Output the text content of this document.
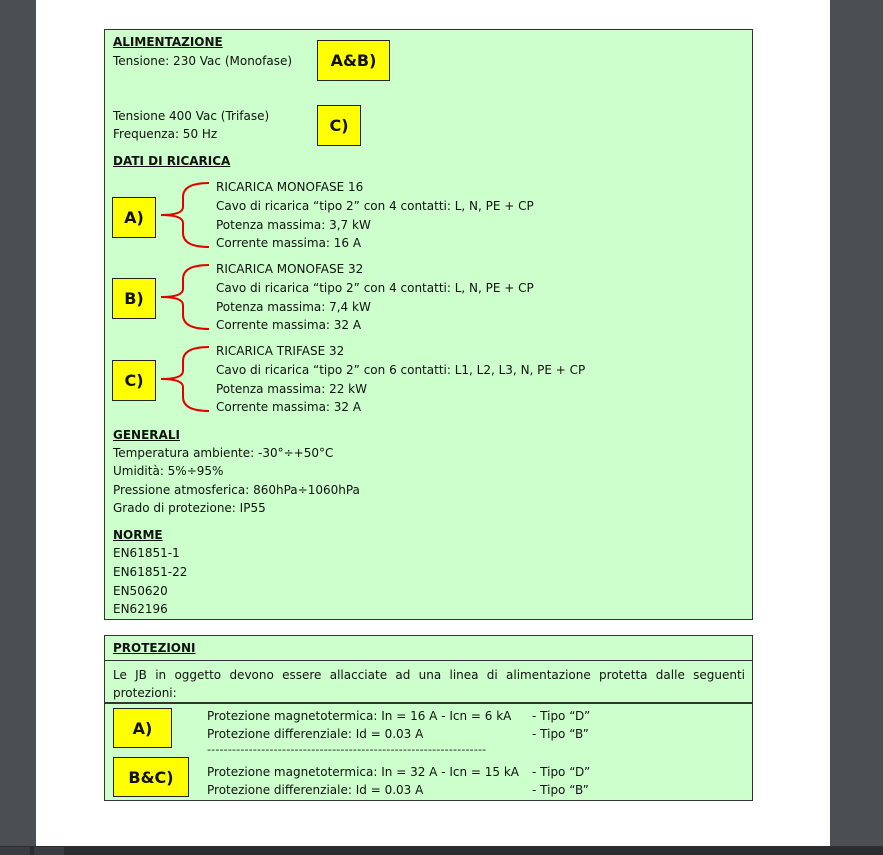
ALIMENTAZIONE
Tensione: 230 Vac (Monofase)	A&B)
Tensione 400 Vac (Trifase)
Frequenza: 50 Hz	C)
DATI DI RICARICA
A)
RICARICA MONOFASE 16
Cavo di ricarica “tipo 2” con 4 contatti: L, N, PE + CP
Potenza massima: 3,7 kW
Corrente massima: 16 A
B)
RICARICA MONOFASE 32
Cavo di ricarica “tipo 2” con 4 contatti: L, N, PE + CP
Potenza massima: 7,4 kW
Corrente massima: 32 A
C)
RICARICA TRIFASE 32
Cavo di ricarica “tipo 2” con 6 contatti: L1, L2, L3, N, PE + CP
Potenza massima: 22 kW
Corrente massima: 32 A
GENERALI
Temperatura ambiente: -30°÷+50°C
Umidità: 5%÷95%
Pressione atmosferica: 860hPa÷1060hPa
Grado di protezione: IP55
NORME
EN61851-1
EN61851-22
EN50620
EN62196
PROTEZIONI
Le JB in oggetto devono essere allacciate ad una linea di alimentazione protetta dalle seguenti protezioni:
A)
Protezione magnetotermica: In = 16 A - Icn = 6 kA - Tipo “D”
Protezione differenziale: Id = 0.03 A	- Tipo “B”
-------------------------------------------------------------------
B&C)	Protezione magnetotermica: In = 32 A - Icn = 15 kA - Tipo “D”
Protezione differenziale: Id = 0.03 A	- Tipo “B”
